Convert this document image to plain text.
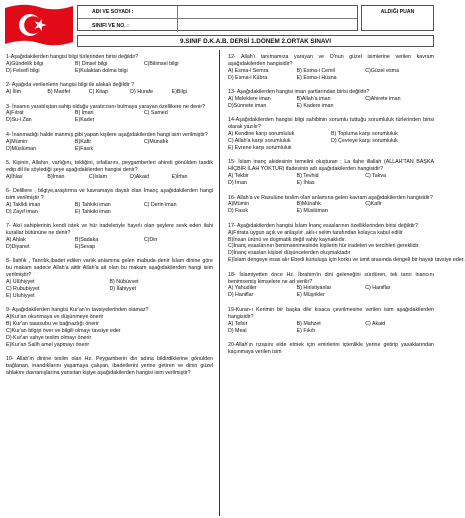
ADI VE SOYADI :
SINIFI VE NO. :
ALDIĞI PUAN
9.SINIF D.K.A.B. DERSİ 1.DÖNEM 2.ORTAK SINAVI
1-Aşağıdakilerden hangisi bilgi türlerinden birisi değildir?
A)Gündelik bilgi	B) Dinsel bilgi	C)Bilimsel bilgi
D) Felsefi bilgi	E)Kulaktan dolma bilgi
2- Aşağıda verilenlerin hangisi bilgi ile alakalı değildir ?
A) İlim	B) Marifet	C) Kitap	D) Hurafe	E)Bilgi
3- İnsanın yaratılıştan sahip olduğu yaratıcısını bulmaya yarayan özellikere ne denir?
A)Fıtrat	B) İman	C) Samed
D)Su-i Zan	E)Kader
4- İnanmadığı halde inanmış gibi yapan kişilere aşağıdakilerden hangi isim verilmiştir?
A)Mümin	B)Kafir	C)Münafık
D)Müslüman	E)Fasık
5. Kişinin, Allahın, varlığını, tekliğini, sıfatlarını, peygamberleri ahireti gönülden tasdik edip dil ile söylediği şeye aşağıdakilerden hangisi denir?
A)İhlas	B)İman	C)İslam	D)Akaid	E)İrfan
6- Delillere , bilgiye,araştırma ve kavramaya dayalı olan İmanç aşağıdakilerden hangi isim verilmiştir ?
A) Taklidi iman	B) Tahkiki iman	C) Derin iman
D) Zayıf iman	E) Tahkiki iman
7- Akıl sahiplerinin kendi istek ve hür iradeleriyle hayırlı olan şeylere sevk eden ilahi kurallar bütününe ne denir?
A) Ahlak	B)Sadaka	C)Din
D)Diyanet	E)Sevap
8- İlahlık , Tanrılık,ibadet edilen varlık anlamına gelen mabuda denir İslam dinine göre bu makam sadece Allah'a aittir Allah'a ait olan bu makam aşağıdakilerden hangi isim verilmiştir?
A) Ulûhiyyet	B) Nübüvvet
C) Rububiyyet	D) İlahiyyet
E) Uluhiyyet
9- Aşağıdakilerden hangisi Kur'an'ın tavsiyelerinden olamaz?
A)Kur'an okunmaya ve düşünmeye önerir
B) Kur'an taassubu ve bağnazlığı önerir
C)Kur'an bilgiyi över ve bilgili olmayı tavsiye eder
D) Kur'an vahye teslim olmayı önerir
E)Kur'an Salih amel yapmayı önerir
10- Allah'ın dinine teslim olan Hz. Peygamberin din adına bildirdiklerine gönülden bağlanan, inandıklarını yaşamaya çalışan, ibadetlerini yerine getiren ve dinin güzel ahlakını davranışlarına yansıtan kişiye aşağıdakilerden hangisi isim verilmiştir?
12- Allah'ı tanımamıza yarayan ve O'nun güzel isimlerine verilen kavram aşağıdakilerden hangisidir?
A) Esma-i Semra	B) Esma-i Cemil	C)Güzel esma
D) Esma-i Kübra	E) Esma-i Hüsna
13- Aşağıdakilerden hangisi iman şartlarından birisi değildir?
A) Meleklere iman	B)Allah'a iman	C)Ahirete iman
D)Sünnete iman	E) Kadere iman
14-Aşağıdakilerden hangisi bilgi sahibinin sorumlu tuttuğu sorumluluk türlerinden birisi olarak yazılır?
A) Kendine karşı sorumluluk	B) Topluma karşı sorumluluk
C) Allah'a karşı sorumluluk	D) Çevreye karşı sorumluluk
E) Evrene karşı sorumluluk
15- İslam inanç akidesinin temelini oluşturan ; La ilahe illallah (ALLAH'TAN BAŞKA HİÇBİR İLAH YOKTUR) ifadesinin adı aşağıdakilerden hangisidir?
A) Tekbir	B) Tevhid	C) Takva
D) İman	E) İhlas
16- Allah'a ve Rasulüne teslim olan anlamına gelen kavram aşağıdakilerden hangisidir?
A)Mümin	B)Münafık	C)Kafir
D) Fasık	E) Müslüman
17- Aşağıdakilerden hangisi İslam İnanç esaslarının özelliklerinden birisi değildir?
A)Fıtrata uygun açık ve anlaşılır ,aklı-ı selim tarafından kolayca kabul edilir
B)İnsan ürünü ve dogmatik değil vahiy kaynaklıdır.
C)İnanç esaslarının benimsenmesinde kişilerin hür iradeleri ve tercihleri gereklidir
D)İnanç esasları kişisel düşüncelerden oluşmaktadır
E)İslam dengeye esas alır Ebedi kurtuluşa için korku ve ümit arasında dengeli bir hayatı tavsiye eder.
18- İslamiyetten önce Hz. İbrahim'in dini geleneğini sürdüren, tek tanrı inancını benimsemiş kimselere ne ad verilir?
A) Yahudiler	B) Hıristiyanlar	C) Haniflar
D) Haniflar	E) Müşrikler
19-Kuran-ı Kerimin bir başka dile kısaca çevrilmesine verilen isim aşağıdakilerden hangisidir?
A) Tefsir	B) Mahzet	C) Akaid
D) Meal	E) Fıkıh
20-Allah'ın rızasını elde etmek için emirlerini içtenlikle yerine getirip yasaklarından kaçınmaya verilen isim
